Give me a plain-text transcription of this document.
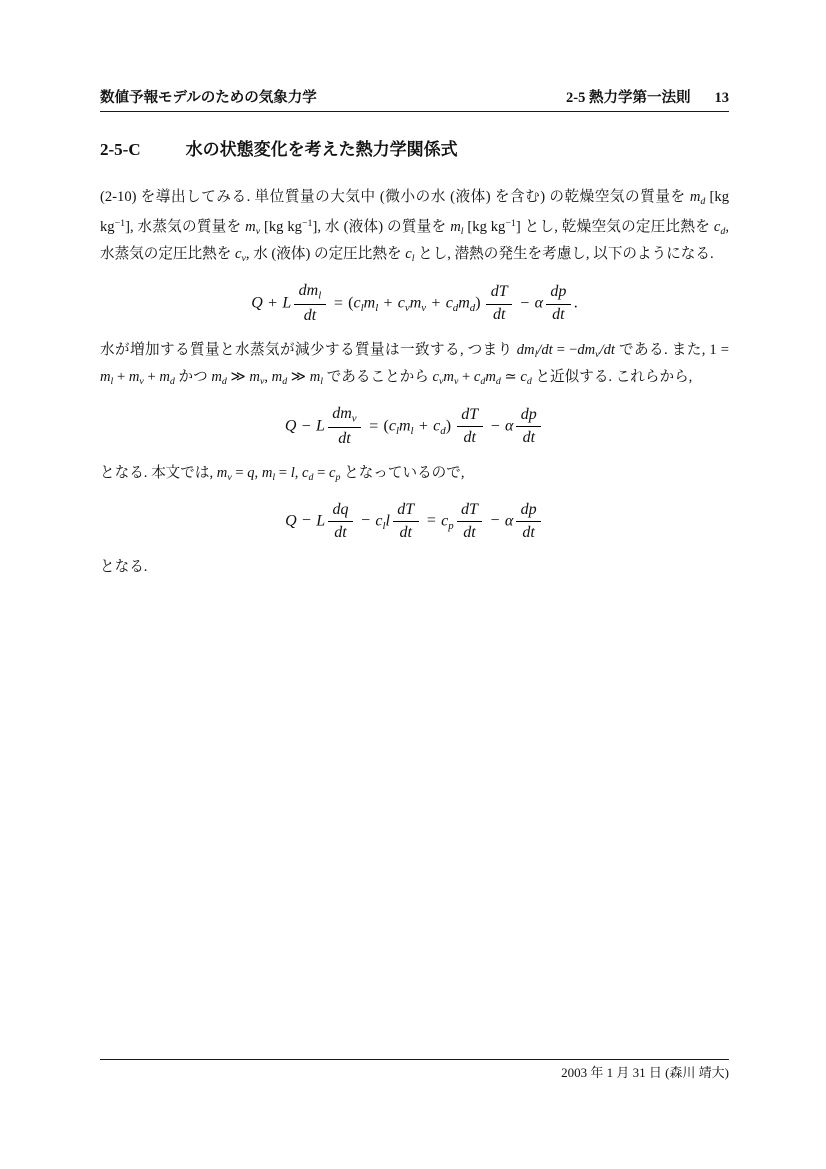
数値予報モデルのための気象力学	2-5 熱力学第一法則 13
2-5-C	水の状態変化を考えた熱力学関係式

(2-10) を導出してみる. 単位質量の大気中 (微小の水 (液体) を含む) の乾燥空気の質量を $m_d$ [kg $kg^{-1}$], 水蒸気の質量を $m_v$ [kg $kg^{-1}$], 水 (液体) の質量を $m_l$ [kg $kg^{-1}$] とし, 乾燥空気の定圧比熱を $c_d$, 水蒸気の定圧比熱を $c_v$, 水 (液体) の定圧比熱を $c_l$ とし, 潜熱の発生を考慮し, 以下のようになる.

Q + L $\frac{dm_l}{dt} = (c_lm_l + c_vm_v + c_dm_d) \frac{dT}{dt} - \alpha \frac{dp}{dt}$ .

水が増加する質量と水蒸気が減少する質量は一致する, つまり $dm_l/dt = -dm_v/dt$ である. また, $1 = m_l + m_v + m_d$ かつ $m_d$ ≫ $m_v$, $m_d$ ≫ $m_l$ であることから $c_vm_v + c_dm_d$ ≃ $c_d$ と近似する. これらから,

Q − L $\frac{dm_v}{dt} = (c_lm_l + c_d) \frac{dT}{dt} - \alpha \frac{dp}{dt}$

となる. 本文では, $m_v = q$, $m_l = l$, $c_d = c_p$ となっているので,

Q − L $\frac{dq}{dt} - c_ll \frac{dT}{dt} = c_p \frac{dT}{dt} - \alpha \frac{dp}{dt}$

となる.

2003 年 1 月 31 日 (森川 靖大)
